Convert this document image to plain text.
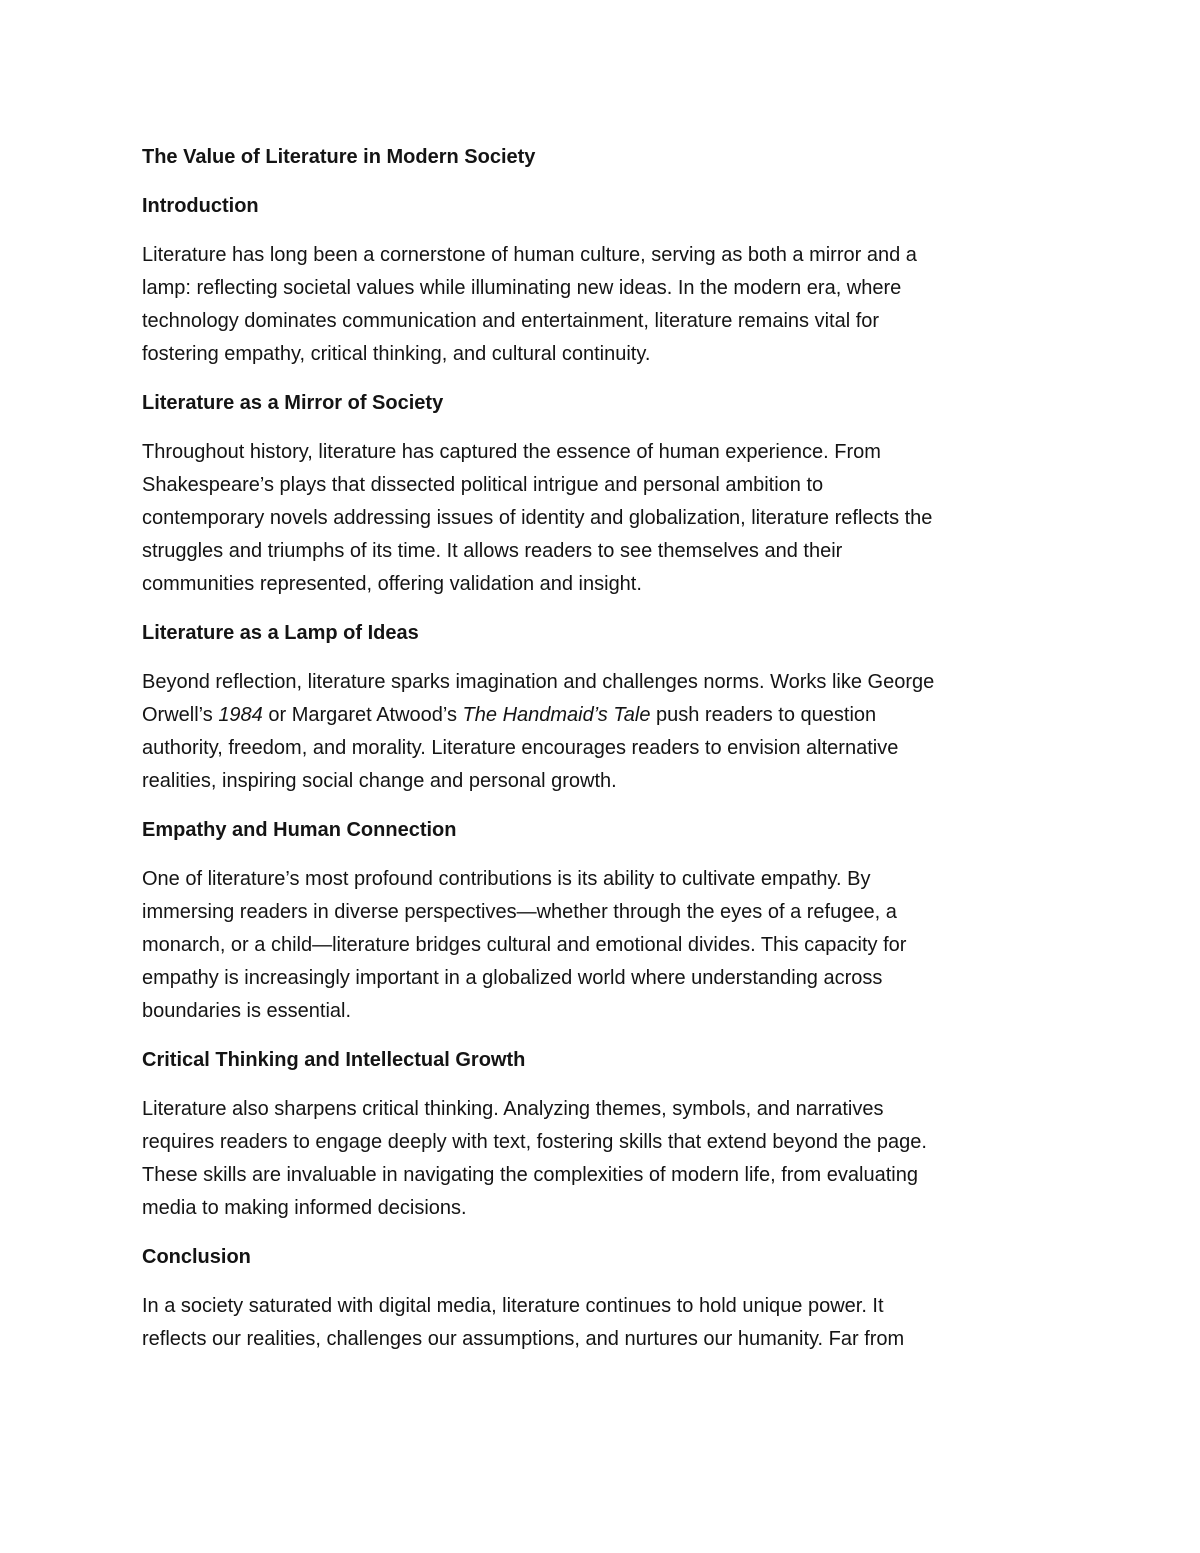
The Value of Literature in Modern Society
Introduction
Literature has long been a cornerstone of human culture, serving as both a mirror and a
lamp: reflecting societal values while illuminating new ideas. In the modern era, where
technology dominates communication and entertainment, literature remains vital for
fostering empathy, critical thinking, and cultural continuity.
Literature as a Mirror of Society
Throughout history, literature has captured the essence of human experience. From
Shakespeare’s plays that dissected political intrigue and personal ambition to
contemporary novels addressing issues of identity and globalization, literature reflects the
struggles and triumphs of its time. It allows readers to see themselves and their
communities represented, offering validation and insight.
Literature as a Lamp of Ideas
Beyond reflection, literature sparks imagination and challenges norms. Works like George
Orwell’s 1984 or Margaret Atwood’s The Handmaid’s Tale push readers to question
authority, freedom, and morality. Literature encourages readers to envision alternative
realities, inspiring social change and personal growth.
Empathy and Human Connection
One of literature’s most profound contributions is its ability to cultivate empathy. By
immersing readers in diverse perspectives—whether through the eyes of a refugee, a
monarch, or a child—literature bridges cultural and emotional divides. This capacity for
empathy is increasingly important in a globalized world where understanding across
boundaries is essential.
Critical Thinking and Intellectual Growth
Literature also sharpens critical thinking. Analyzing themes, symbols, and narratives
requires readers to engage deeply with text, fostering skills that extend beyond the page.
These skills are invaluable in navigating the complexities of modern life, from evaluating
media to making informed decisions.
Conclusion
In a society saturated with digital media, literature continues to hold unique power. It
reflects our realities, challenges our assumptions, and nurtures our humanity. Far from
